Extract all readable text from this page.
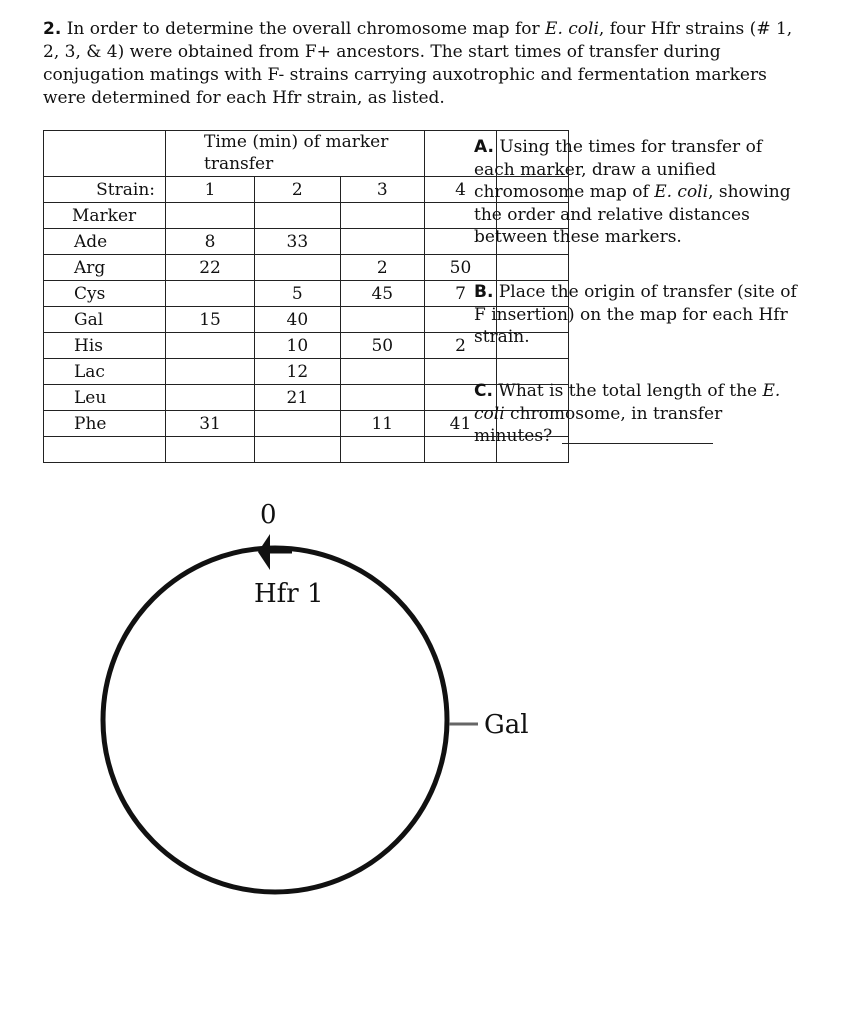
2. In order to determine the overall chromosome map for E. coli, four Hfr strains (# 1, 2, 3, & 4) were obtained from F+ ancestors. The start times of transfer during conjugation matings with F- strains carrying auxotrophic and fermentation markers were determined for each Hfr strain, as listed.

	Time (min) of marker transfer				

Strain:	1	2	3	4	
Marker					
Ade	8	33			
Arg	22		2	50	
Cys		5	45	7	
Gal	15	40			
His		10	50	2	
Lac		12			
Leu		21			
Phe	31		11	41	

A. Using the times for transfer of each marker, draw a unified chromosome map of E. coli, showing the order and relative distances between these markers.

B. Place the origin of transfer (site of F insertion) on the map for each Hfr strain.

C. What is the total length of the E. coli chromosome, in transfer minutes?

0
Hfr 1
Gal
